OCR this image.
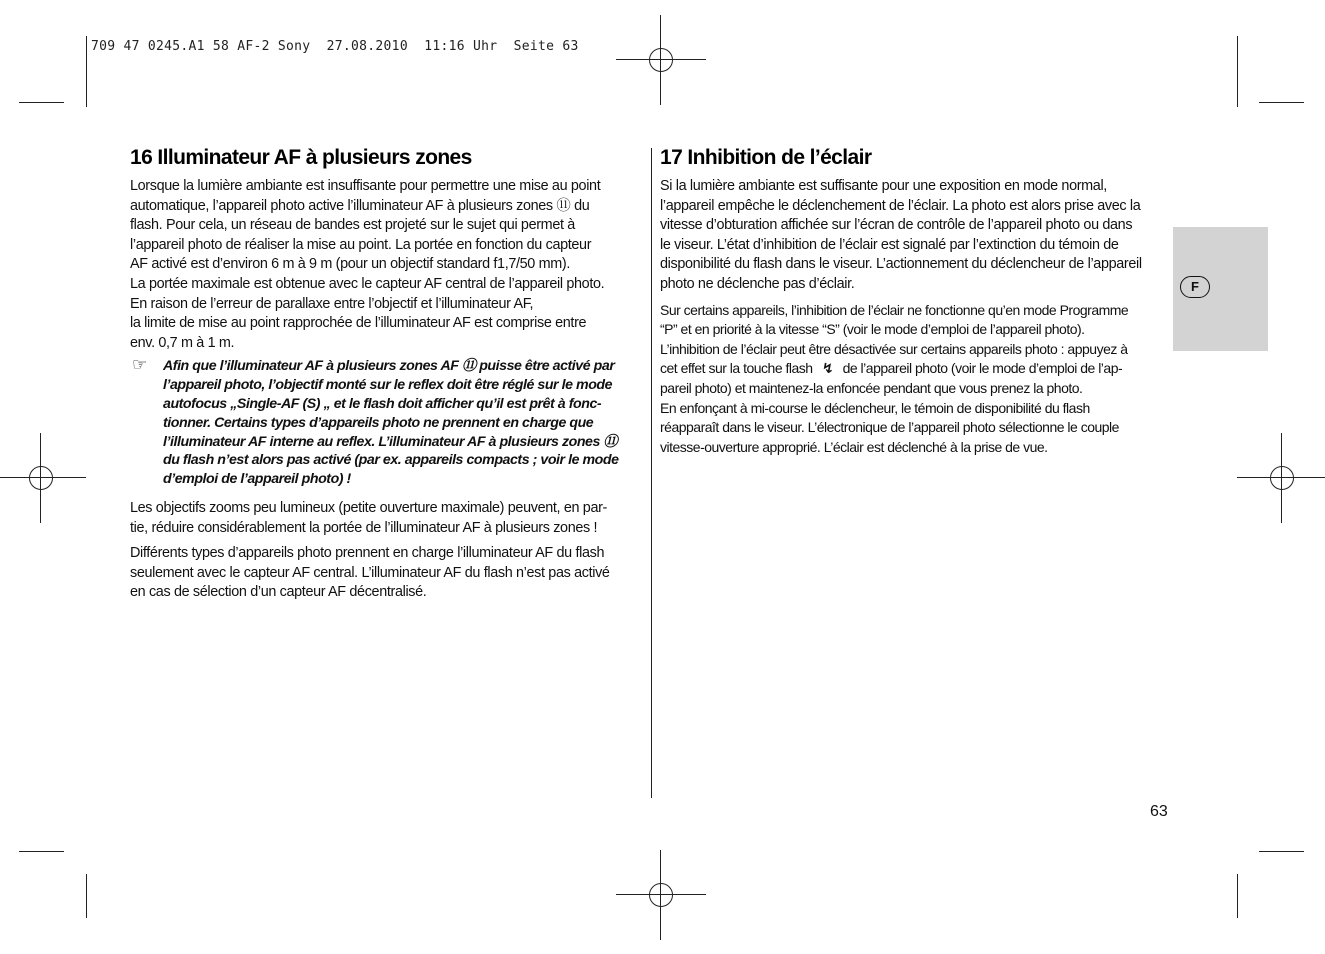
709 47 0245.A1 58 AF-2 Sony  27.08.2010  11:16 Uhr  Seite 63
F
16 Illuminateur AF à plusieurs zones

Lorsque la lumière ambiante est insuffisante pour permettre une mise au point
automatique, l’appareil photo active l’illuminateur AF à plusieurs zones ⑪ du
flash. Pour cela, un réseau de bandes est projeté sur le sujet qui permet à
l’appareil photo de réaliser la mise au point. La portée en fonction du capteur
AF activé est d’environ 6 m à 9 m (pour un objectif standard f1,7/50 mm).
La portée maximale est obtenue avec le capteur AF central de l’appareil photo.
En raison de l’erreur de parallaxe entre l’objectif et l’illuminateur AF,
la limite de mise au point rapprochée de l’illuminateur AF est comprise entre
env. 0,7 m à 1 m.

☞ Afin que l’illuminateur AF à plusieurs zones AF ⑪ puisse être activé par
l’appareil photo, l’objectif monté sur le reflex doit être réglé sur le mode
autofocus „Single-AF (S) „ et le flash doit afficher qu’il est prêt à fonc-
tionner. Certains types d’appareils photo ne prennent en charge que
l’illuminateur AF interne au reflex. L’illuminateur AF à plusieurs zones ⑪
du flash n’est alors pas activé (par ex. appareils compacts ; voir le mode
d’emploi de l’appareil photo) !

Les objectifs zooms peu lumineux (petite ouverture maximale) peuvent, en par-
tie, réduire considérablement la portée de l’illuminateur AF à plusieurs zones !

Différents types d’appareils photo prennent en charge l’illuminateur AF du flash
seulement avec le capteur AF central. L’illuminateur AF du flash n’est pas activé
en cas de sélection d’un capteur AF décentralisé.

17 Inhibition de l’éclair

Si la lumière ambiante est suffisante pour une exposition en mode normal,
l’appareil empêche le déclenchement de l’éclair. La photo est alors prise avec la
vitesse d’obturation affichée sur l’écran de contrôle de l’appareil photo ou dans
le viseur. L’état d’inhibition de l’éclair est signalé par l’extinction du témoin de
disponibilité du flash dans le viseur. L’actionnement du déclencheur de l’appareil
photo ne déclenche pas d’éclair.

Sur certains appareils, l’inhibition de l’éclair ne fonctionne qu’en mode Programme
“P” et en priorité à la vitesse “S” (voir le mode d’emploi de l’appareil photo).
L’inhibition de l’éclair peut être désactivée sur certains appareils photo : appuyez à
cet effet sur la touche flash ↯ de l’appareil photo (voir le mode d’emploi de l’ap-
pareil photo) et maintenez-la enfoncée pendant que vous prenez la photo.
En enfonçant à mi-course le déclencheur, le témoin de disponibilité du flash
réapparaît dans le viseur. L’électronique de l’appareil photo sélectionne le couple
vitesse-ouverture approprié. L’éclair est déclenché à la prise de vue.

63
